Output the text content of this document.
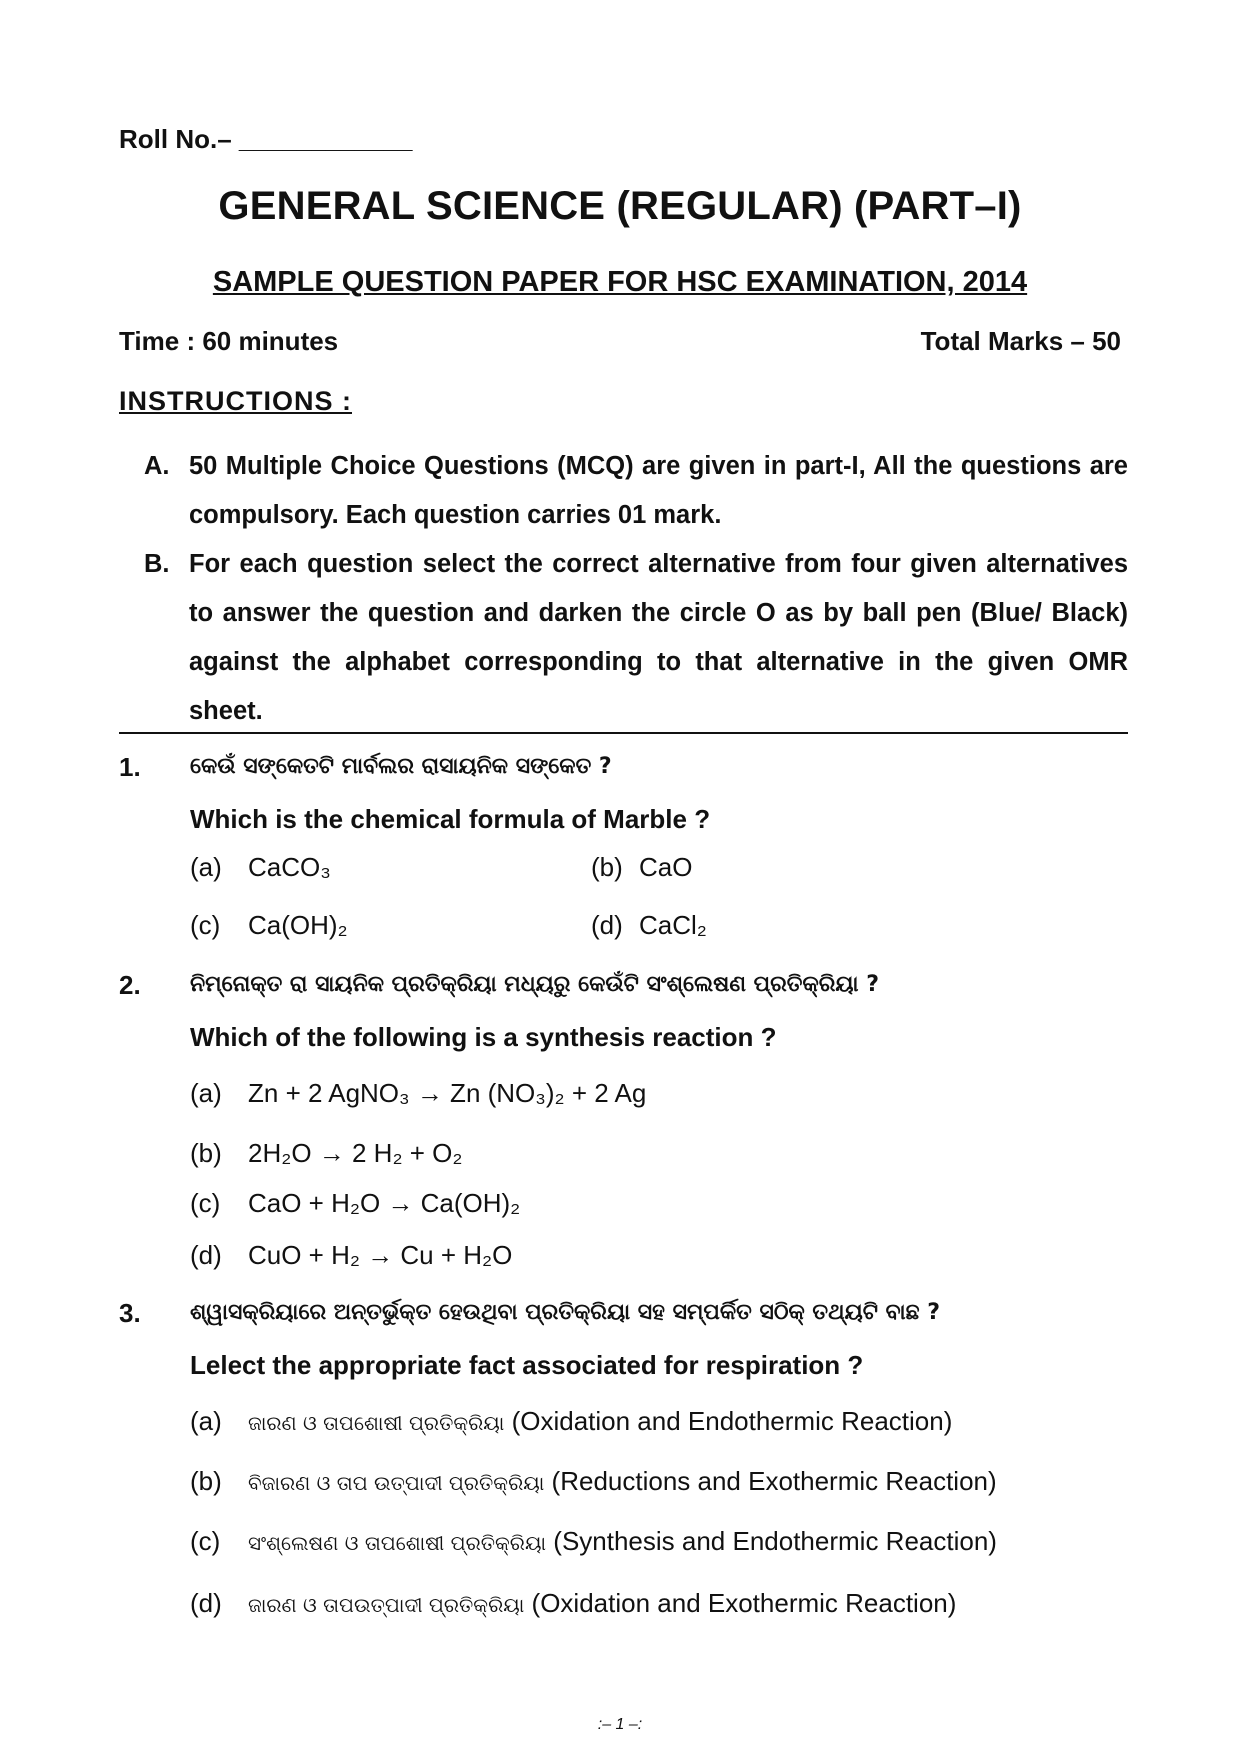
Roll No.– ____________
GENERAL SCIENCE (REGULAR) (PART–I)
SAMPLE QUESTION PAPER FOR HSC EXAMINATION, 2014
Time : 60 minutes	Total Marks – 50
INSTRUCTIONS :
A. 50 Multiple Choice Questions (MCQ) are given in part-I, All the questions are compulsory. Each question carries 01 mark.
B. For each question select the correct alternative from four given alternatives to answer the question and darken the circle O as by ball pen (Blue/ Black) against the alphabet corresponding to that alternative in the given OMR sheet.
1. କେଉଁ ସଙ୍କେତଟି ମାର୍ବଲର ରାସାୟନିକ ସଙ୍କେତ ?
Which is the chemical formula of Marble ?
(a) CaCO₃	(b) CaO
(c) Ca(OH)₂	(d) CaCl₂
2. ନିମ୍ନୋକ୍ତ ରା ସାୟନିକ ପ୍ରତିକ୍ରିୟା ମଧ୍ୟରୁ କେଉଁଟି ସଂଶ୍ଲେଷଣ ପ୍ରତିକ୍ରିୟା ?
Which of the following is a synthesis reaction ?
(a) Zn + 2 AgNO₃ → Zn (NO₃)₂ + 2 Ag
(b) 2H₂O → 2 H₂ + O₂
(c) CaO + H₂O → Ca(OH)₂
(d) CuO + H₂ → Cu + H₂O
3. ଶ୍ୱାସକ୍ରିୟାରେ ଅନ୍ତର୍ଭୁକ୍ତ ହେଉଥିବା ପ୍ରତିକ୍ରିୟା ସହ ସମ୍ପର୍କିତ ସଠିକ୍ ତଥ୍ୟଟି ବାଛ ?
Lelect the appropriate fact associated for respiration ?
(a) ଜାରଣ ଓ ତାପଶୋଷୀ ପ୍ରତିକ୍ରିୟା (Oxidation and Endothermic Reaction)
(b) ବିଜାରଣ ଓ ତାପ ଉତ୍ପାଦୀ ପ୍ରତିକ୍ରିୟା (Reductions and Exothermic Reaction)
(c) ସଂଶ୍ଲେଷଣ ଓ ତାପଶୋଷୀ ପ୍ରତିକ୍ରିୟା (Synthesis and Endothermic Reaction)
(d) ଜାରଣ ଓ ତାପଉତ୍ପାଦୀ ପ୍ରତିକ୍ରିୟା (Oxidation and Exothermic Reaction)
:– 1 –:
